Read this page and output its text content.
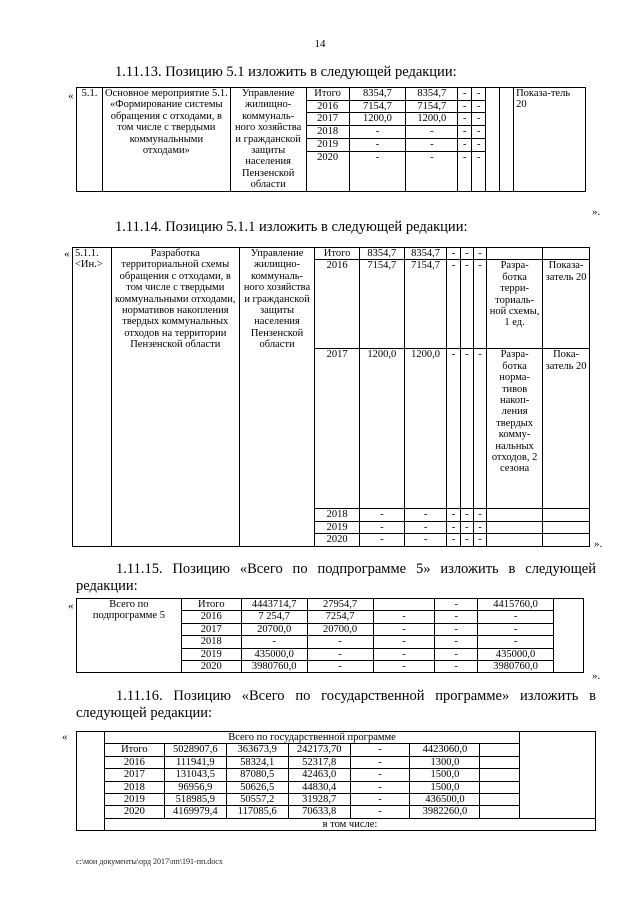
14
1.11.13. Позицию 5.1 изложить в следующей редакции:
« 5.1.	Основное мероприятие 5.1. «Формирование системы обращения с отходами, в том числе с твердыми коммунальными отходами»	Управление жилищно-коммуналь-ного хозяйства и гражданской защиты населения Пензенской области	Итого	8354,7	8354,7	-	-			Показа-тель 20
			2016	7154,7	7154,7	-	-			
			2017	1200,0	1200,0	-	-			
			2018	-	-	-	-			
			2019	-	-	-	-			
			2020	-	-	-	-			
».
1.11.14. Позицию 5.1.1 изложить в следующей редакции:
« 5.1.1. <Ин.>	Разработка территориальной схемы обращения с отходами, в том числе с твердыми коммунальными отходами, нормативов накопления твердых коммунальных отходов на территории Пензенской области	Управление жилищно-коммуналь-ного хозяйства и гражданской защиты населения Пензенской области	Итого	8354,7	8354,7	-	-	-		
			2016	7154,7	7154,7	-	-	-	Разра-ботка терри-ториаль-ной схемы, 1 ед.	Показа-затель 20
			2017	1200,0	1200,0	-	-	-	Разра-ботка норма-тивов накоп-ления твердых комму-нальных отходов, 2 сезона	Пока-затель 20
			2018	-	-	-	-	-		
			2019	-	-	-	-	-		
			2020	-	-	-	-	-			».
1.11.15. Позицию «Всего по подпрограмме 5» изложить в следующей редакции:
«	Всего по подпрограмме 5	Итого	4443714,7	27954,7		-	4415760,0	
	2016	7 254,7	7254,7	-	-	-	
	2017	20700,0	20700,0	-	-	-	
	2018	-	-	-	-	-	
	2019	435000,0	-	-	-	435000,0	
	2020	3980760,0	-	-	-	3980760,0	
».
1.11.16. Позицию «Всего по государственной программе» изложить в следующей редакции:
«
		Всего по государственной программе							
	Итого	5028907,6	363673,9	242173,70	-	4423060,0		
	2016	111941,9	58324,1	52317,8	-	1300,0		
	2017	131043,5	87080,5	42463,0	-	1500,0		
	2018	96956,9	50626,5	44830,4	-	1500,0		
	2019	518985,9	50557,2	31928,7	-	436500,0		
	2020	4169979,4	117085,6	70633,8	-	3982260,0		
	в том числе:							
c:\мои документы\орд 2017\пп\191-пп.docx
